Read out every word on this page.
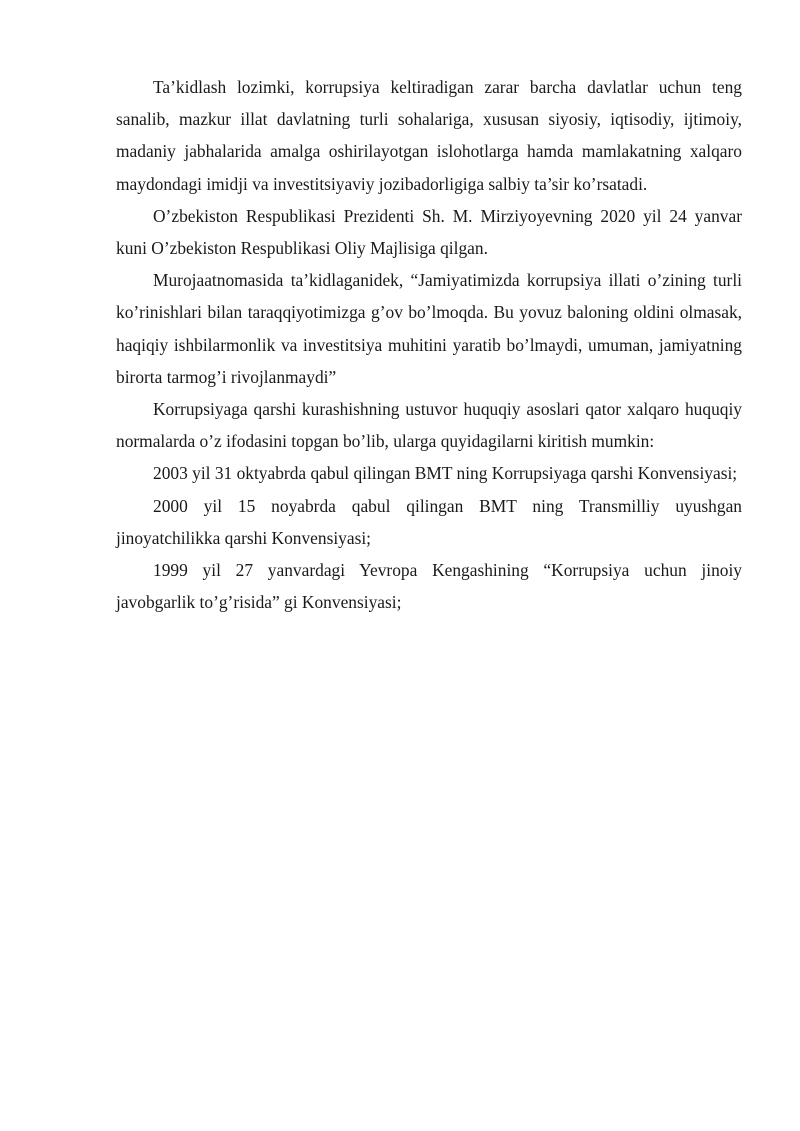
Ta’kidlash lozimki, korrupsiya keltiradigan zarar barcha davlatlar uchun teng sanalib, mazkur illat davlatning turli sohalariga, xususan siyosiy, iqtisodiy, ijtimoiy, madaniy jabhalarida amalga oshirilayotgan islohotlarga hamda mamlakatning xalqaro maydondagi imidji va investitsiyaviy jozibadorligiga salbiy ta’sir ko’rsatadi.

O’zbekiston Respublikasi Prezidenti Sh. M. Mirziyoyevning 2020 yil 24 yanvar kuni O’zbekiston Respublikasi Oliy Majlisiga qilgan.

Murojaatnomasida ta’kidlaganidek, “Jamiyatimizda korrupsiya illati o’zining turli ko’rinishlari bilan taraqqiyotimizga g’ov bo’lmoqda. Bu yovuz baloning oldini olmasak, haqiqiy ishbilarmonlik va investitsiya muhitini yaratib bo’lmaydi, umuman, jamiyatning birorta tarmog’i rivojlanmaydi”

Korrupsiyaga qarshi kurashishning ustuvor huquqiy asoslari qator xalqaro huquqiy normalarda o’z ifodasini topgan bo’lib, ularga quyidagilarni kiritish mumkin:

2003 yil 31 oktyabrda qabul qilingan BMT ning Korrupsiyaga qarshi Konvensiyasi;

2000 yil 15 noyabrda qabul qilingan BMT ning Transmilliy uyushgan jinoyatchilikka qarshi Konvensiyasi;

1999 yil 27 yanvardagi Yevropa Kengashining “Korrupsiya uchun jinoiy javobgarlik to’g’risida” gi Konvensiyasi;
